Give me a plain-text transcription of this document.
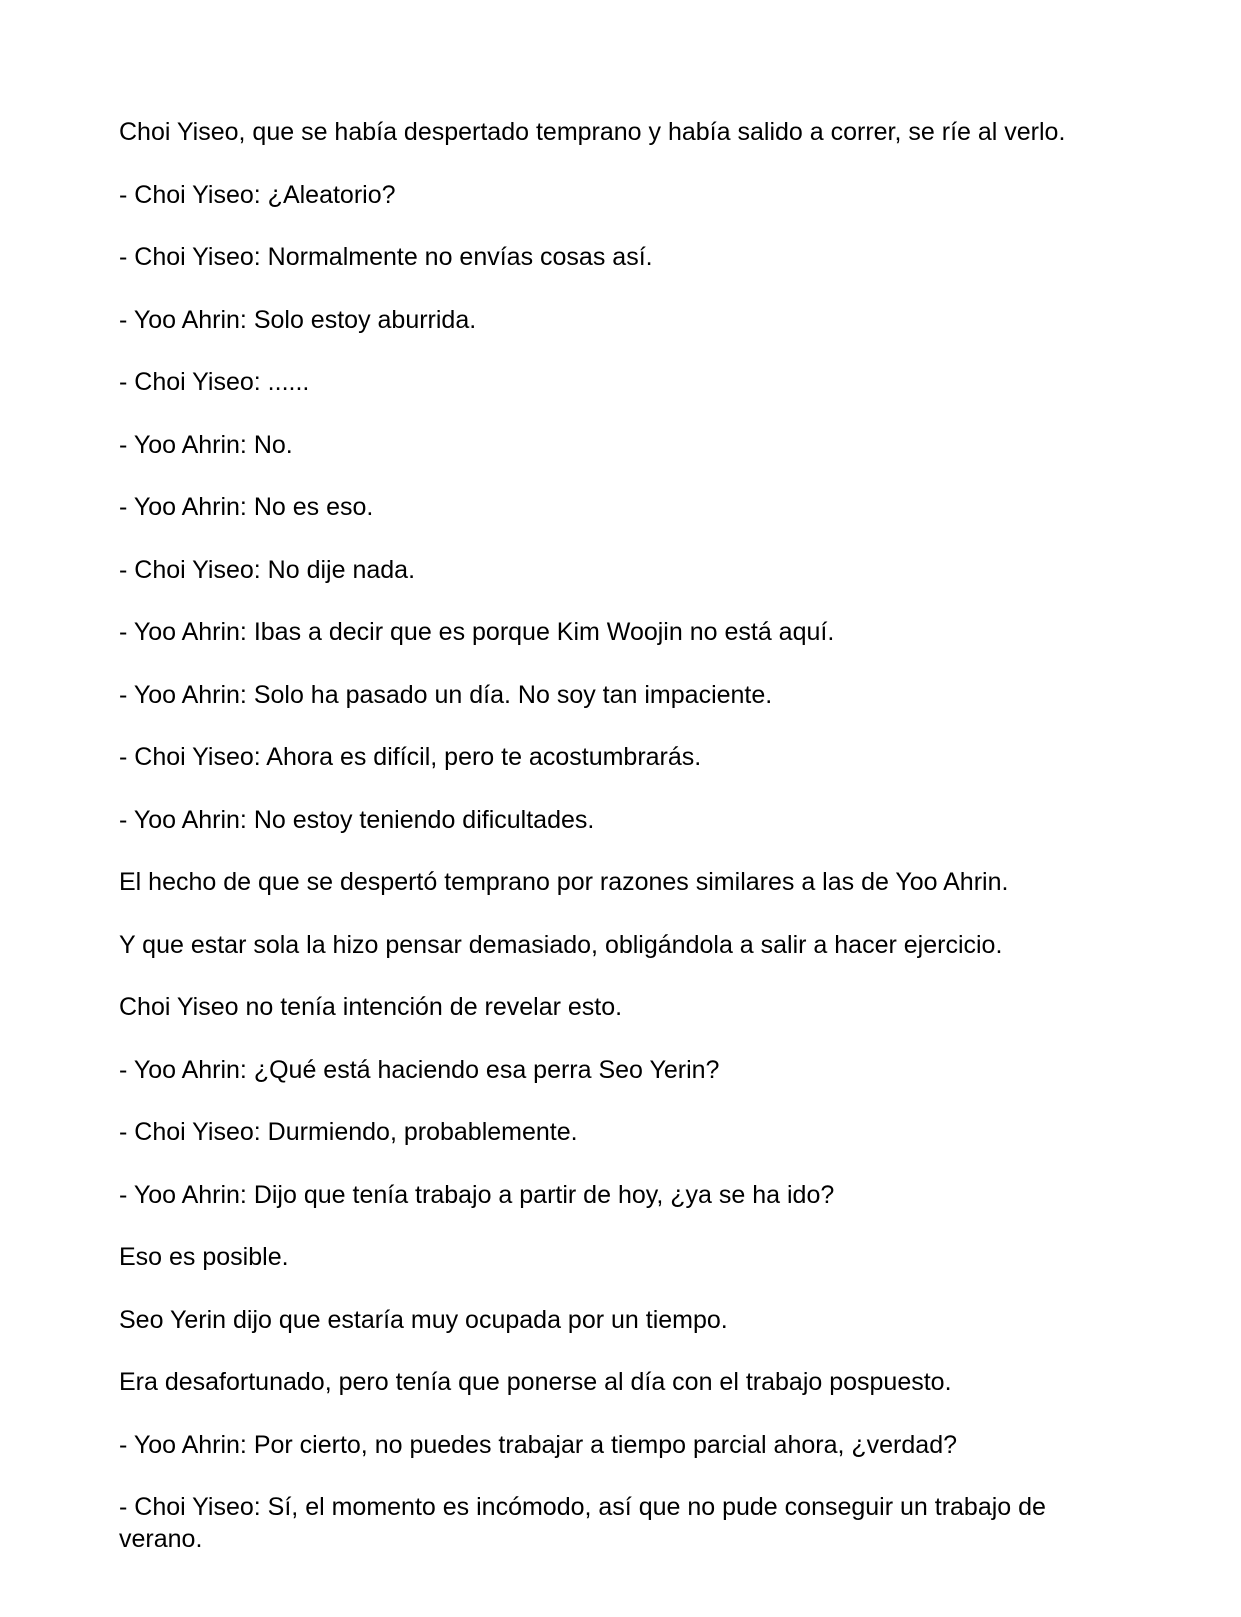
Choi Yiseo, que se había despertado temprano y había salido a correr, se ríe al verlo.

- Choi Yiseo: ¿Aleatorio?

- Choi Yiseo: Normalmente no envías cosas así.

- Yoo Ahrin: Solo estoy aburrida.

- Choi Yiseo: ......

- Yoo Ahrin: No.

- Yoo Ahrin: No es eso.

- Choi Yiseo: No dije nada.

- Yoo Ahrin: Ibas a decir que es porque Kim Woojin no está aquí.

- Yoo Ahrin: Solo ha pasado un día. No soy tan impaciente.

- Choi Yiseo: Ahora es difícil, pero te acostumbrarás.

- Yoo Ahrin: No estoy teniendo dificultades.

El hecho de que se despertó temprano por razones similares a las de Yoo Ahrin.

Y que estar sola la hizo pensar demasiado, obligándola a salir a hacer ejercicio.

Choi Yiseo no tenía intención de revelar esto.

- Yoo Ahrin: ¿Qué está haciendo esa perra Seo Yerin?

- Choi Yiseo: Durmiendo, probablemente.

- Yoo Ahrin: Dijo que tenía trabajo a partir de hoy, ¿ya se ha ido?

Eso es posible.

Seo Yerin dijo que estaría muy ocupada por un tiempo.

Era desafortunado, pero tenía que ponerse al día con el trabajo pospuesto.

- Yoo Ahrin: Por cierto, no puedes trabajar a tiempo parcial ahora, ¿verdad?

- Choi Yiseo: Sí, el momento es incómodo, así que no pude conseguir un trabajo de verano.
